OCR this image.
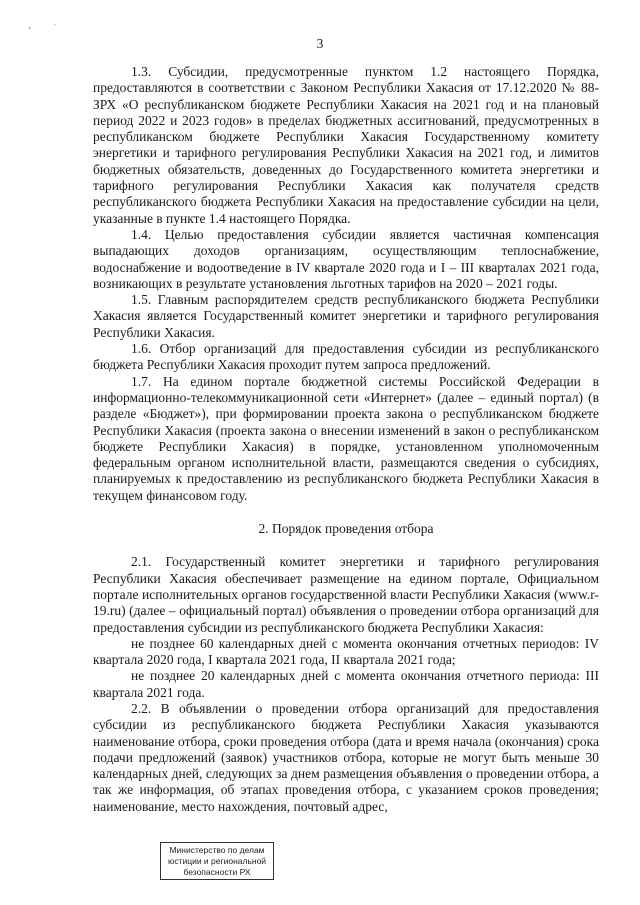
‚ ·
3

1.3. Субсидии, предусмотренные пунктом 1.2 настоящего Порядка, предоставляются в соответствии с Законом Республики Хакасия от 17.12.2020 № 88-ЗРХ «О республиканском бюджете Республики Хакасия на 2021 год и на плановый период 2022 и 2023 годов» в пределах бюджетных ассигнований, предусмотренных в республиканском бюджете Республики Хакасия Государственному комитету энергетики и тарифного регулирования Республики Хакасия на 2021 год, и лимитов бюджетных обязательств, доведенных до Государственного комитета энергетики и тарифного регулирования Республики Хакасия как получателя средств республиканского бюджета Республики Хакасия на предоставление субсидии на цели, указанные в пункте 1.4 настоящего Порядка.

1.4. Целью предоставления субсидии является частичная компенсация выпадающих доходов организациям, осуществляющим теплоснабжение, водоснабжение и водоотведение в IV квартале 2020 года и I – III кварталах 2021 года, возникающих в результате установления льготных тарифов на 2020 – 2021 годы.

1.5. Главным распорядителем средств республиканского бюджета Республики Хакасия является Государственный комитет энергетики и тарифного регулирования Республики Хакасия.

1.6. Отбор организаций для предоставления субсидии из республиканского бюджета Республики Хакасия проходит путем запроса предложений.

1.7. На едином портале бюджетной системы Российской Федерации в информационно-телекоммуникационной сети «Интернет» (далее – единый портал) (в разделе «Бюджет»), при формировании проекта закона о республиканском бюджете Республики Хакасия (проекта закона о внесении изменений в закон о республиканском бюджете Республики Хакасия) в порядке, установленном уполномоченным федеральным органом исполнительной власти, размещаются сведения о субсидиях, планируемых к предоставлению из республиканского бюджета Республики Хакасия в текущем финансовом году.

2. Порядок проведения отбора

2.1. Государственный комитет энергетики и тарифного регулирования Республики Хакасия обеспечивает размещение на едином портале, Официальном портале исполнительных органов государственной власти Республики Хакасия (www.r-19.ru) (далее – официальный портал) объявления о проведении отбора организаций для предоставления субсидии из республиканского бюджета Республики Хакасия:

не позднее 60 календарных дней с момента окончания отчетных периодов: IV квартала 2020 года, I квартала 2021 года, II квартала 2021 года;

не позднее 20 календарных дней с момента окончания отчетного периода: III квартала 2021 года.

2.2. В объявлении о проведении отбора организаций для предоставления субсидии из республиканского бюджета Республики Хакасия указываются наименование отбора, сроки проведения отбора (дата и время начала (окончания) срока подачи предложений (заявок) участников отбора, которые не могут быть меньше 30 календарных дней, следующих за днем размещения объявления о проведении отбора, а так же информация, об этапах проведения отбора, с указанием сроков проведения; наименование, место нахождения, почтовый адрес,

Министерство по делам
юстиции и региональной
безопасности РХ
